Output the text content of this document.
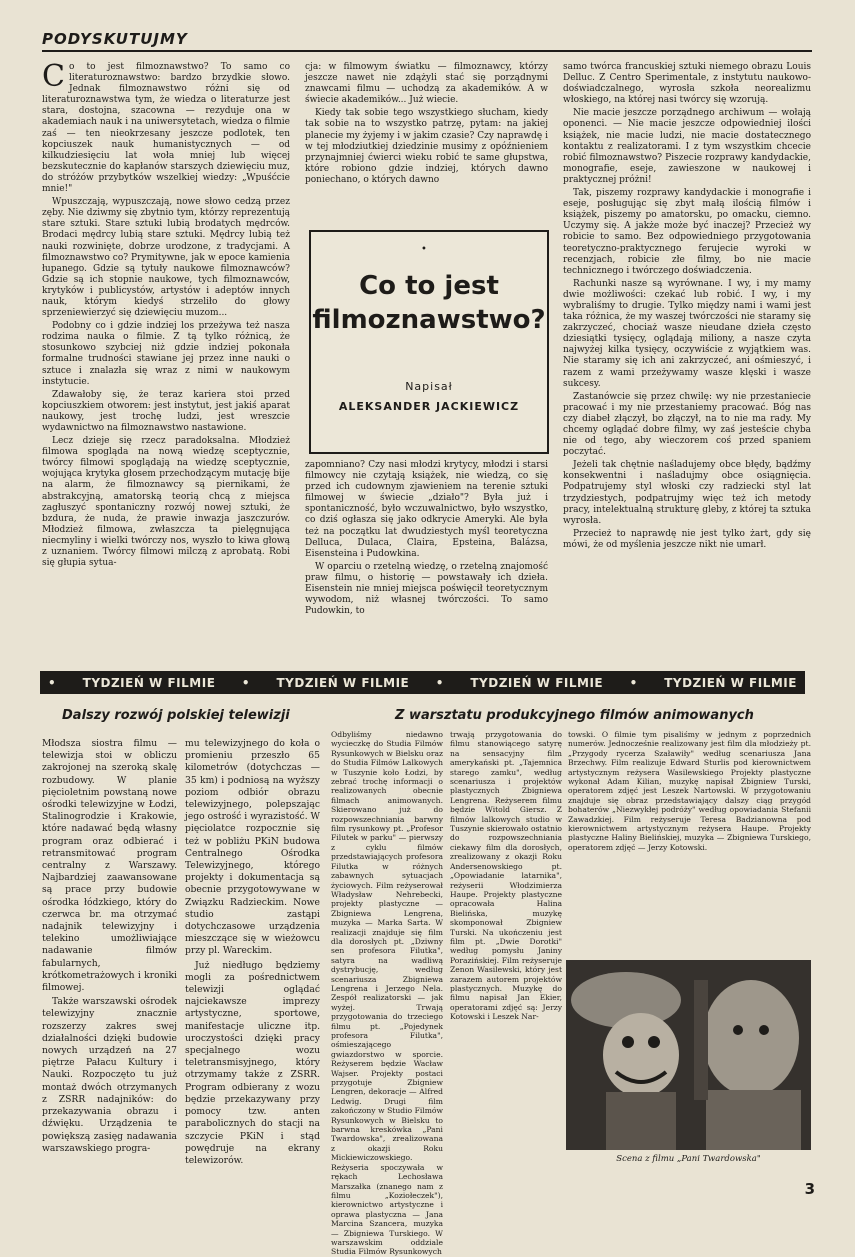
PODYSKUTUJMY

Co to jest filmoznawstwo? To samo co literaturoznawstwo: bardzo brzydkie słowo. Jednak filmoznawstwo różni się od literaturoznawstwa tym, że wiedza o literaturze jest stara, dostojna, szacowna — rezyduje ona w akademiach nauk i na uniwersytetach, wiedza o filmie zaś — ten nieokrzesany jeszcze podlotek, ten kopciuszek nauk humanistycznych — od kilkudziesięciu lat woła mniej lub więcej bezskutecznie do kapłanów starszych dziewięciu muz, do stróżów przybytków wszelkiej wiedzy: „Wpuśćcie mnie!"

Wpuszczają, wypuszczają, nowe słowo cedzą przez zęby. Nie dziwmy się zbytnio tym, którzy reprezentują stare sztuki. Stare sztuki lubią brodatych mędrców. Brodaci mędrcy lubią stare sztuki. Mędrcy lubią też nauki rozwinięte, dobrze urodzone, z tradycjami. A filmoznawstwo co? Prymitywne, jak w epoce kamienia łupanego. Gdzie są tytuły naukowe filmoznawców? Gdzie są ich stopnie naukowe, tych filmoznawców, krytyków i publicystów, artystów i adeptów innych nauk, którym kiedyś strzeliło do głowy sprzeniewierzyć się dziewięciu muzom...

Podobny co i gdzie indziej los przeżywa też nasza rodzima nauka o filmie. Z tą tylko różnicą, że stosunkowo szybciej niż gdzie indziej pokonała formalne trudności stawiane jej przez inne nauki o sztuce i znalazła się wraz z nimi w naukowym instytucie.

Zdawałoby się, że teraz kariera stoi przed kopciuszkiem otworem: jest instytut, jest jakiś aparat naukowy, jest trochę ludzi, jest wreszcie wydawnictwo na filmoznawstwo nastawione.

Lecz dzieje się rzecz paradoksalna. Młodzież filmowa spogląda na nową wiedzę sceptycznie, twórcy filmowi spoglądają na wiedzę sceptycznie, wojująca krytyka głosem przechodzącym mutację bije na alarm, że filmoznawcy są piernikami, że abstrakcyjną, amatorską teorią chcą z miejsca zagłuszyć spontaniczny rozwój nowej sztuki, że bzdura, że nuda, że prawie inwazja jaszczurów. Młodzież filmowa, zwłaszcza ta pielęgnująca niecmyliny i wielki twórczy nos, wyszło to kiwa głową z uznaniem. Twórcy filmowi milczą z aprobatą. Robi się głupia sytua-

cja: w filmowym światku — filmoznawcy, którzy jeszcze nawet nie zdążyli stać się porządnymi znawcami filmu — uchodzą za akademików. A w świecie akademików... Już wiecie.

Kiedy tak sobie tego wszystkiego słucham, kiedy tak sobie na to wszystko patrzę, pytam: na jakiej planecie my żyjemy i w jakim czasie? Czy naprawdę i w tej młodziutkiej dziedzinie musimy z opóźnieniem przynajmniej ćwierci wieku robić te same głupstwa, które robiono gdzie indziej, których dawno poniechano, o których dawno

•
Co to jest
filmoznawstwo?
Napisał
ALEKSANDER JACKIEWICZ

zapomniano? Czy nasi młodzi krytycy, młodzi i starsi filmowcy nie czytają książek, nie wiedzą, co się przed ich cudownym zjawieniem na terenie sztuki filmowej w świecie „działo"? Była już i spontaniczność, było wczuwalnictwo, było wszystko, co dziś ogłasza się jako odkrycie Ameryki. Ale była też na początku lat dwudziestych myśl teoretyczna Delluca, Dulaca, Claira, Epsteina, Balázsa, Eisensteina i Pudowkina.

W oparciu o rzetelną wiedzę, o rzetelną znajomość praw filmu, o historię — powstawały ich dzieła. Eisenstein nie mniej miejsca poświęcił teoretycznym wywodom, niż własnej twórczości. To samo Pudowkin, to

samo twórca francuskiej sztuki niemego obrazu Louis Delluc. Z Centro Sperimentale, z instytutu naukowo-doświadczalnego, wyrosła szkoła neorealizmu włoskiego, na której nasi twórcy się wzorują.

Nie macie jeszcze porządnego archiwum — wołają oponenci. — Nie macie jeszcze odpowiedniej ilości książek, nie macie ludzi, nie macie dostatecznego kontaktu z realizatorami. I z tym wszystkim chcecie robić filmoznawstwo? Piszecie rozprawy kandydackie, monografie, eseje, zawieszone w naukowej i praktycznej próżni!

Tak, piszemy rozprawy kandydackie i monografie i eseje, posługując się zbyt małą ilością filmów i książek, piszemy po amatorsku, po omacku, ciemno. Uczymy się. A jakże może być inaczej? Przecież wy robicie to samo. Bez odpowiedniego przygotowania teoretyczno-praktycznego ferujecie wyroki w recenzjach, robicie złe filmy, bo nie macie technicznego i twórczego doświadczenia.

Rachunki nasze są wyrównane. I wy, i my mamy dwie możliwości: czekać lub robić. I wy, i my wybraliśmy to drugie. Tylko między nami i wami jest taka różnica, że my waszej twórczości nie staramy się zakrzyczeć, chociaż wasze nieudane dzieła często dziesiątki tysięcy, oglądają miliony, a nasze czyta najwyżej kilka tysięcy, oczywiście z wyjątkiem was. Nie staramy się ich ani zakrzyczeć, ani ośmieszyć, i razem z wami przeżywamy wasze klęski i wasze sukcesy.

Zastanówcie się przez chwilę: wy nie przestaniecie pracować i my nie przestaniemy pracować. Bóg nas czy diabeł złączył, bo złączył, na to nie ma rady. My chcemy oglądać dobre filmy, wy zaś jesteście chyba nie od tego, aby wieczorem coś przed spaniem poczytać.

Jeżeli tak chętnie naśladujemy obce błędy, bądźmy konsekwentni i naśladujmy obce osiągnięcia. Podpatrujemy styl włoski czy radziecki styl lat trzydziestych, podpatrujmy więc też ich metody pracy, intelektualną strukturę gleby, z której ta sztuka wyrosła.

Przecież to naprawdę nie jest tylko żart, gdy się mówi, że od myślenia jeszcze nikt nie umarł.

• TYDZIEŃ W FILMIE • TYDZIEŃ W FILMIE • TYDZIEŃ W FILMIE • TYDZIEŃ W FILMIE
Dalszy rozwój polskiej telewizji	Z warsztatu produkcyjnego filmów animowanych

Młodsza siostra filmu — telewizja stoi w obliczu zakrojonej na szeroką skalę rozbudowy. W planie pięcioletnim powstaną nowe ośrodki telewizyjne w Łodzi, Stalinogrodzie i Krakowie, które nadawać będą własny program oraz odbierać i retransmitować program centralny z Warszawy. Najbardziej zaawansowane są prace przy budowie ośrodka łódzkiego, który do czerwca br. ma otrzymać nadajnik telewizyjny i telekino umożliwiające nadawanie filmów fabularnych, krótkometrażowych i kroniki filmowej.

Także warszawski ośrodek telewizyjny znacznie rozszerzy zakres swej działalności dzięki budowie nowych urządzeń na 27 piętrze Pałacu Kultury i Nauki. Rozpoczęto tu już montaż dwóch otrzymanych z ZSRR nadajników: do przekazywania obrazu i dźwięku. Urządzenia te powiększą zasięg nadawania warszawskiego progra-

mu telewizyjnego do koła o promieniu przeszło 65 kilometrów (dotychczas — 35 km) i podniosą na wyższy poziom odbiór obrazu telewizyjnego, polepszając jego ostrość i wyrazistość. W pięciolatce rozpocznie się też w pobliżu PKiN budowa Centralnego Ośrodka Telewizyjnego, którego projekty i dokumentacja są obecnie przygotowywane w Związku Radzieckim. Nowe studio zastąpi dotychczasowe urządzenia mieszczące się w wieżowcu przy pl. Wareckim.

Już niedługo będziemy mogli za pośrednictwem telewizji oglądać najciekawsze imprezy artystyczne, sportowe, manifestacje uliczne itp. uroczystości dzięki pracy specjalnego wozu teletransmisyjnego, który otrzymamy także z ZSRR. Program odbierany z wozu będzie przekazywany przy pomocy tzw. anten parabolicznych do stacji na szczycie PKiN i stąd powędruje na ekrany telewizorów.

Odbyliśmy niedawno wycieczkę do Studia Filmów Rysunkowych w Bielsku oraz do Studia Filmów Lalkowych w Tuszynie koło Łodzi, by zebrać trochę informacji o realizowanych obecnie filmach animowanych. Skierowano już do rozpowszechniania barwny film rysunkowy pt. „Profesor Filutek w parku" — pierwszy z cyklu filmów przedstawiających profesora Filutka w różnych zabawnych sytuacjach życiowych. Film reżyserował Władysław Nehrebecki, projekty plastyczne — Zbigniewa Lengrena, muzyka — Marka Sarta. W realizacji znajduje się film dla dorosłych pt. „Dziwny sen profesora Filutka", satyra na wadliwą dystrybucję, według scenariusza Zbigniewa Lengrena i Jerzego Nela. Zespół realizatorski — jak wyżej. Trwają przygotowania do trzeciego filmu pt. „Pojedynek profesora Filutka", ośmieszającego gwiazdorstwo w sporcie. Reżyserem będzie Wacław Wajser. Projekty postaci przygotuje Zbigniew Lengren, dekoracje — Alfred Ledwig. Drugi film zakończony w Studio Filmów Rysunkowych w Bielsku to barwna kreskówka „Pani Twardowska", zrealizowana z okazji Roku Mickiewiczowskiego. Reżyseria spoczywała w rękach Lechosława Marszałka (znanego nam z filmu „Koziołeczek"), kierownictwo artystyczne i oprawa plastyczna — Jana Marcina Szancera, muzyka — Zbigniewa Turskiego. W warszawskim oddziale Studia Filmów Rysunkowych

trwają przygotowania do filmu stanowiącego satyrę na sensacyjny film amerykański pt. „Tajemnica starego zamku", według scenariusza i projektów plastycznych Zbigniewa Lengrena. Reżyserem filmu będzie Witold Giersz. Z filmów lalkowych studio w Tuszynie skierowało ostatnio do rozpowszechniania ciekawy film dla dorosłych, zrealizowany z okazji Roku Andersenowskiego pt. „Opowiadanie latarnika", reżyserii Włodzimierza Haupe. Projekty plastyczne opracowała Halina Bielińska, muzykę skomponował Zbigniew Turski. Na ukończeniu jest film pt. „Dwie Dorotki" według pomysłu Janiny Porazińskiej. Film reżyseruje Zenon Wasilewski, który jest zarazem autorem projektów plastycznych. Muzykę do filmu napisał Jan Ekier, operatorami zdjęć są: Jerzy Kotowski i Leszek Nar-

towski. O filmie tym pisaliśmy w jednym z poprzednich numerów. Jednocześnie realizowany jest film dla młodzieży pt. „Przygody rycerza Szaławiły" według scenariusza Jana Brzechwy. Film realizuje Edward Sturlis pod kierownictwem artystycznym reżysera Wasilewskiego Projekty plastyczne wykonał Adam Kilian, muzykę napisał Zbigniew Turski, operatorem zdjęć jest Leszek Nartowski. W przygotowaniu znajduje się obraz przedstawiający dalszy ciąg przygód bohaterów „Niezwykłej podróży" według opowiadania Stefanii Zawadzkiej. Film reżyseruje Teresa Badzianowna pod kierownictwem artystycznym reżysera Haupe. Projekty plastyczne Haliny Bielińskiej, muzyka — Zbigniewa Turskiego, operatorem zdjęć — Jerzy Kotowski.

Scena z filmu „Pani Twardowska"
3
